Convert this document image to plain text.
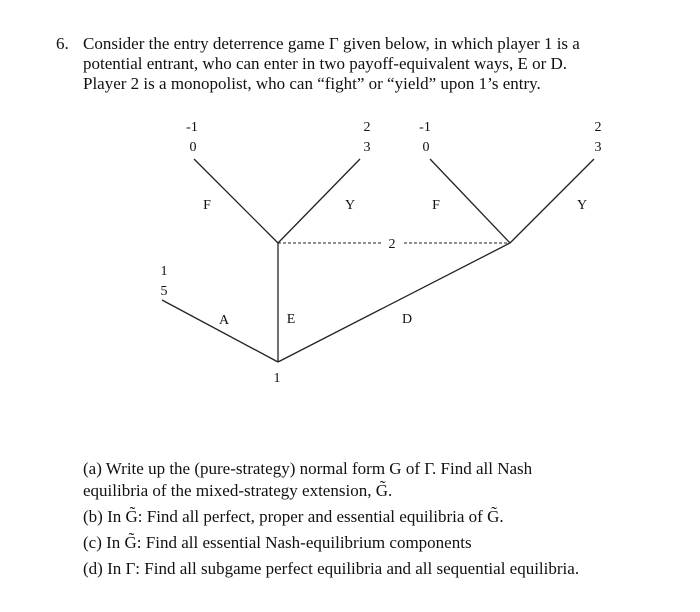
6. Consider the entry deterrence game Γ given below, in which player 1 is a
potential entrant, who can enter in two payoff-equivalent ways, E or D.
Player 2 is a monopolist, who can “fight” or “yield” upon 1’s entry.
2
1
A	E	D
F	Y	F	Y
1
5
-1
0
2
3
-1
0
2
3
(a) Write up the (pure-strategy) normal form G of Γ. Find all Nash
equilibria of the mixed-strategy extension, G̃.
(b) In G̃: Find all perfect, proper and essential equilibria of G̃.
(c) In G̃: Find all essential Nash-equilibrium components
(d) In Γ: Find all subgame perfect equilibria and all sequential equilibria.
